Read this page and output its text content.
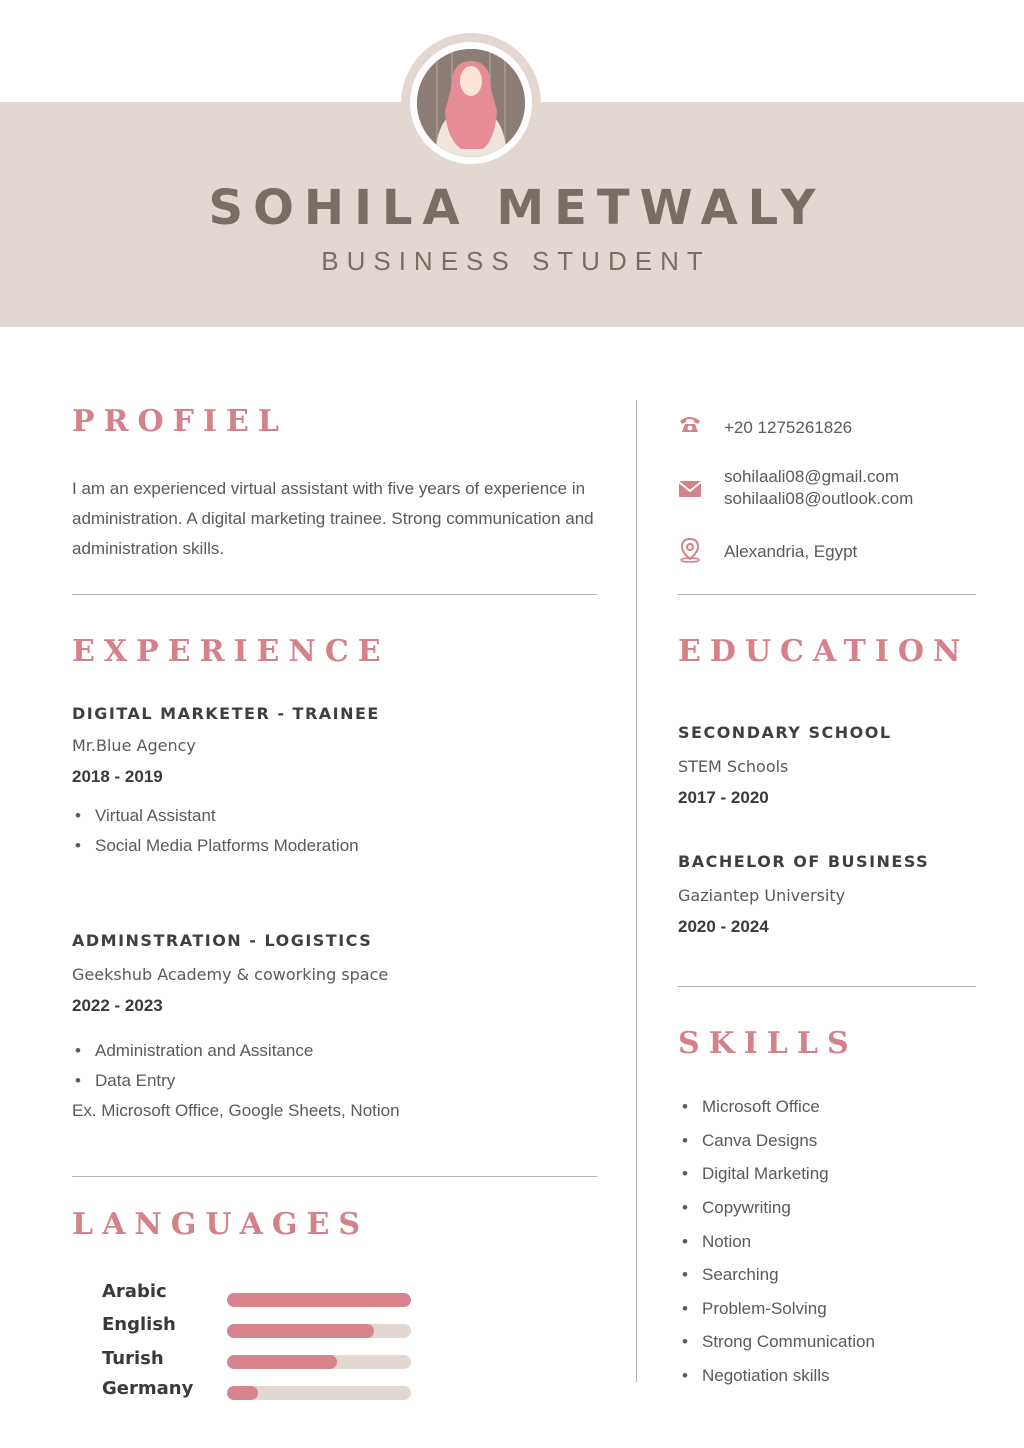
SOHILA METWALY
BUSINESS STUDENT
PROFIEL
I am an experienced virtual assistant with five years of experience in administration. A digital marketing trainee. Strong communication and administration skills.
+20 1275261826
sohilaali08@gmail.com
sohilaali08@outlook.com
Alexandria, Egypt
EXPERIENCE
DIGITAL MARKETER - TRAINEE
Mr.Blue Agency
2018 - 2019
• Virtual Assistant
• Social Media Platforms Moderation
ADMINSTRATION - LOGISTICS
Geekshub Academy & coworking space
2022 - 2023
• Administration and Assitance
• Data Entry
Ex. Microsoft Office, Google Sheets, Notion
LANGUAGES
Arabic
English
Turish
Germany
EDUCATION
SECONDARY SCHOOL
STEM Schools
2017 - 2020
BACHELOR OF BUSINESS
Gaziantep University
2020 - 2024
SKILLS
• Microsoft Office
• Canva Designs
• Digital Marketing
• Copywriting
• Notion
• Searching
• Problem-Solving
• Strong Communication
• Negotiation skills
